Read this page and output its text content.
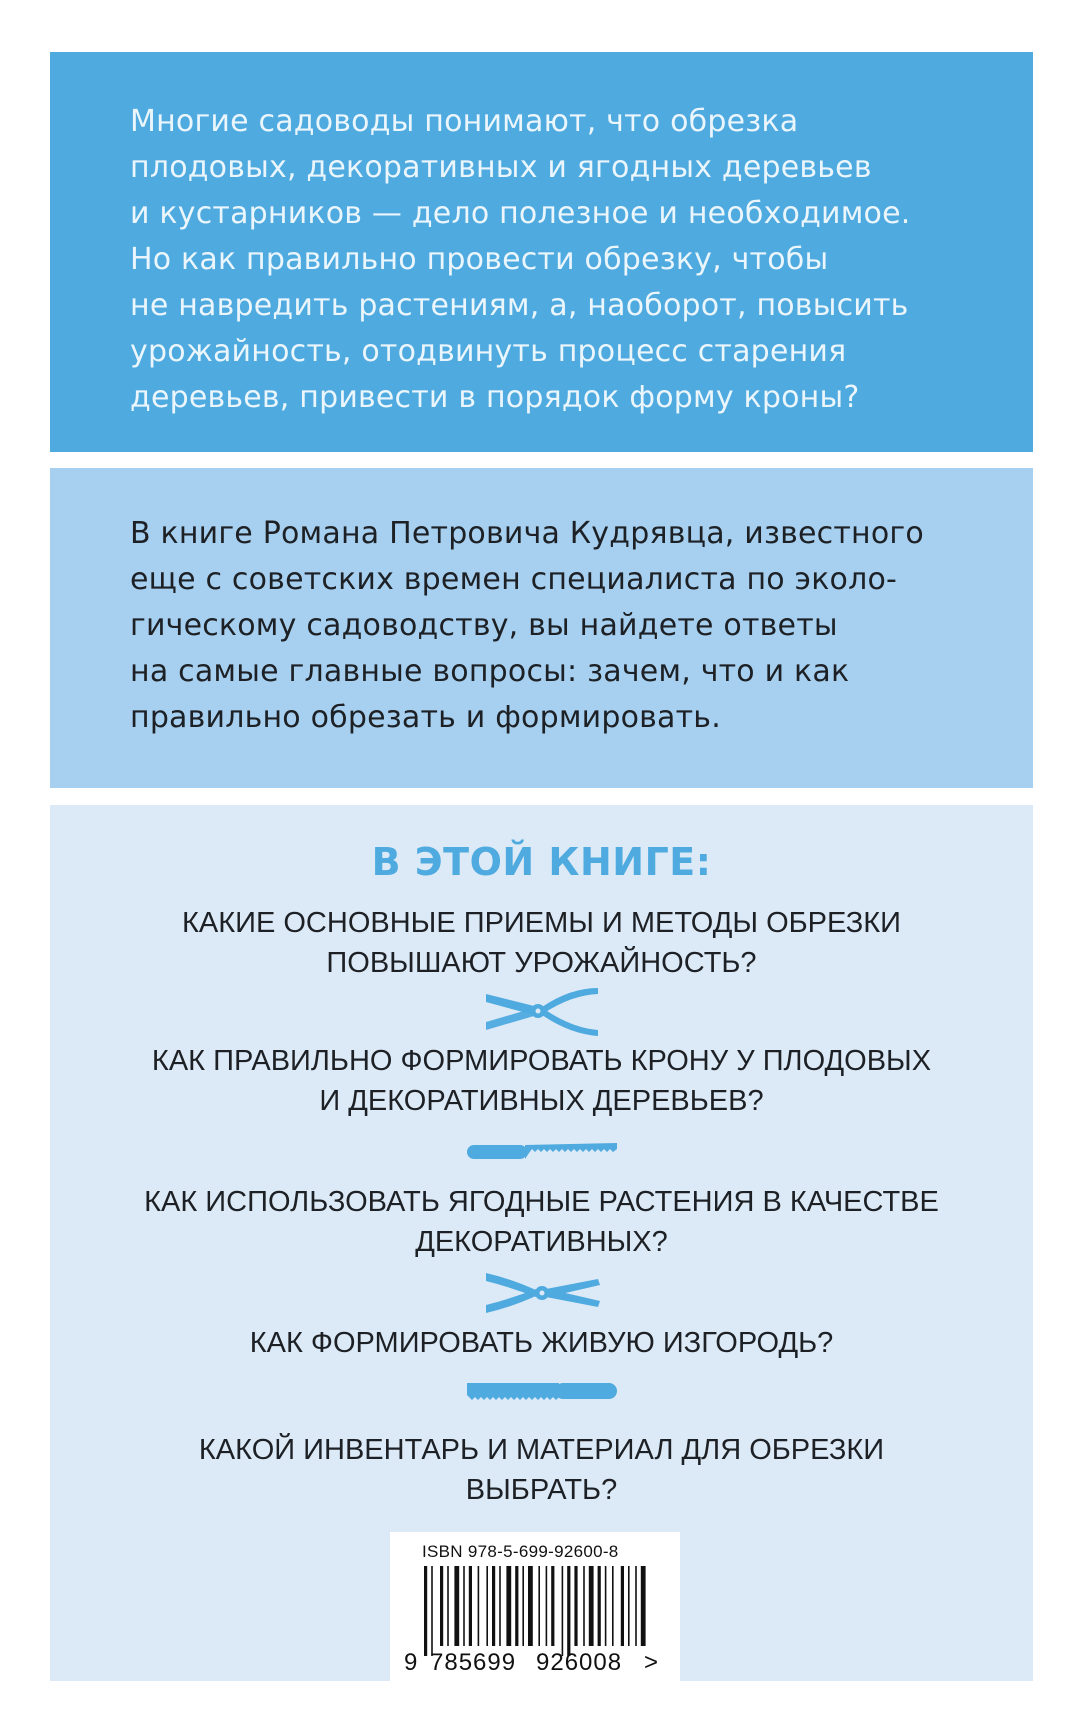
Многие садоводы понимают, что обрезка

плодовых, декоративных и ягодных деревьев

и кустарников — дело полезное и необходимое.

Но как правильно провести обрезку, чтобы

не навредить растениям, а, наоборот, повысить

урожайность, отодвинуть процесс старения

деревьев, привести в порядок форму кроны?

В книге Романа Петровича Кудрявца, известного

еще с советских времен специалиста по эколо-

гическому садоводству, вы найдете ответы

на самые главные вопросы: зачем, что и как

правильно обрезать и формировать.

В ЭТОЙ КНИГЕ:
КАКИЕ ОСНОВНЫЕ ПРИЕМЫ И МЕТОДЫ ОБРЕЗКИ
ПОВЫШАЮТ УРОЖАЙНОСТЬ?
КАК ПРАВИЛЬНО ФОРМИРОВАТЬ КРОНУ У ПЛОДОВЫХ
И ДЕКОРАТИВНЫХ ДЕРЕВЬЕВ?
КАК ИСПОЛЬЗОВАТЬ ЯГОДНЫЕ РАСТЕНИЯ В КАЧЕСТВЕ
ДЕКОРАТИВНЫХ?
КАК ФОРМИРОВАТЬ ЖИВУЮ ИЗГОРОДЬ?
КАКОЙ ИНВЕНТАРЬ И МАТЕРИАЛ ДЛЯ ОБРЕЗКИ
ВЫБРАТЬ?
ISBN 978-5-699-92600-8
9 785699 926008 >
